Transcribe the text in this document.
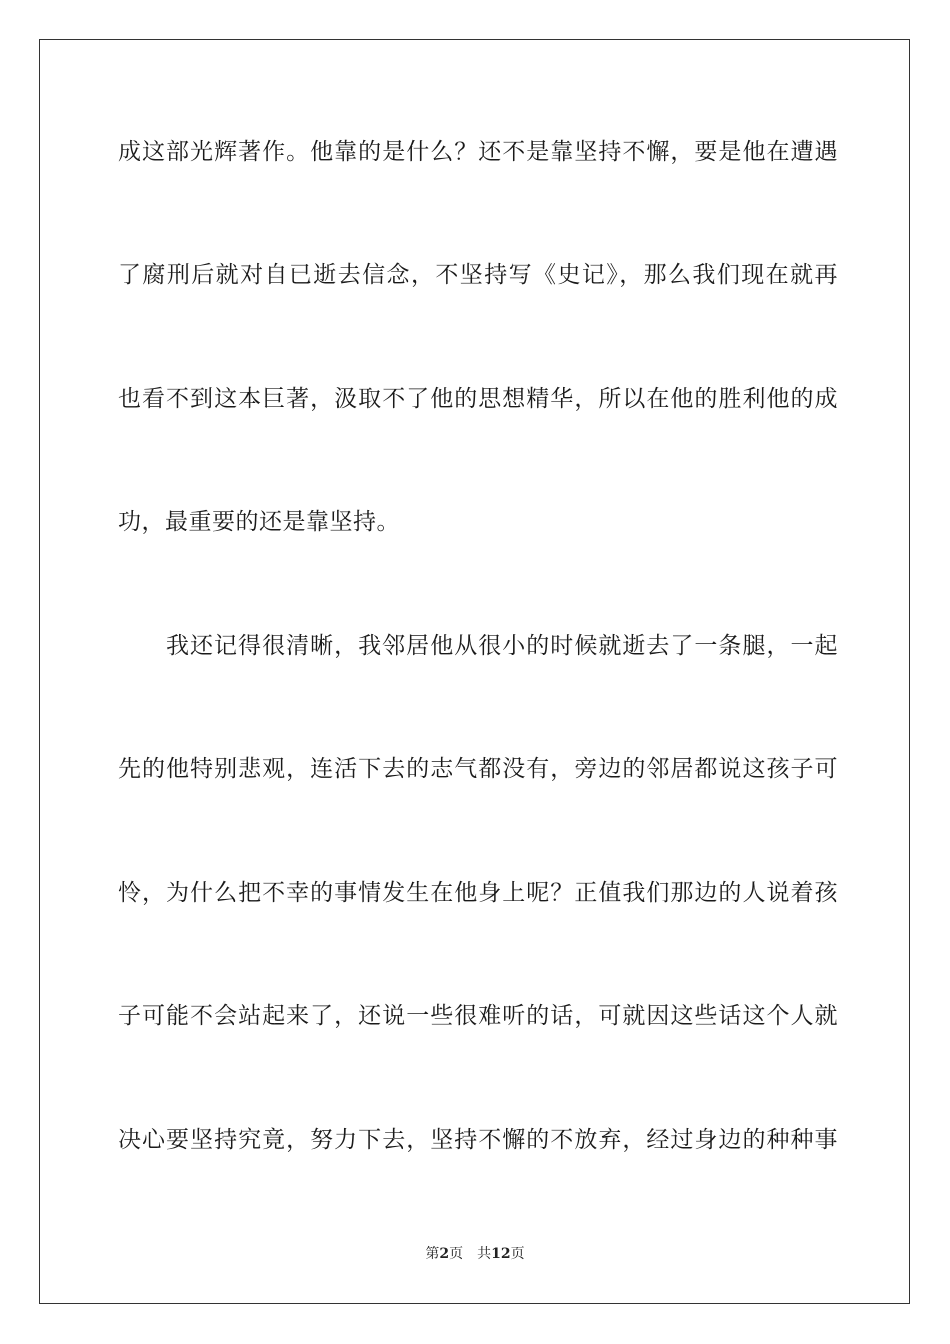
成这部光辉著作。他靠的是什么？还不是靠坚持不懈，要是他在遭遇
了腐刑后就对自已逝去信念，不坚持写《史记》，那么我们现在就再
也看不到这本巨著，汲取不了他的思想精华，所以在他的胜利他的成
功，最重要的还是靠坚持。
我还记得很清晰，我邻居他从很小的时候就逝去了一条腿，一起
先的他特别悲观，连活下去的志气都没有，旁边的邻居都说这孩子可
怜，为什么把不幸的事情发生在他身上呢？正值我们那边的人说着孩
子可能不会站起来了，还说一些很难听的话，可就因这些话这个人就
决心要坚持究竟，努力下去，坚持不懈的不放弃，经过身边的种种事
第2页 共12页
